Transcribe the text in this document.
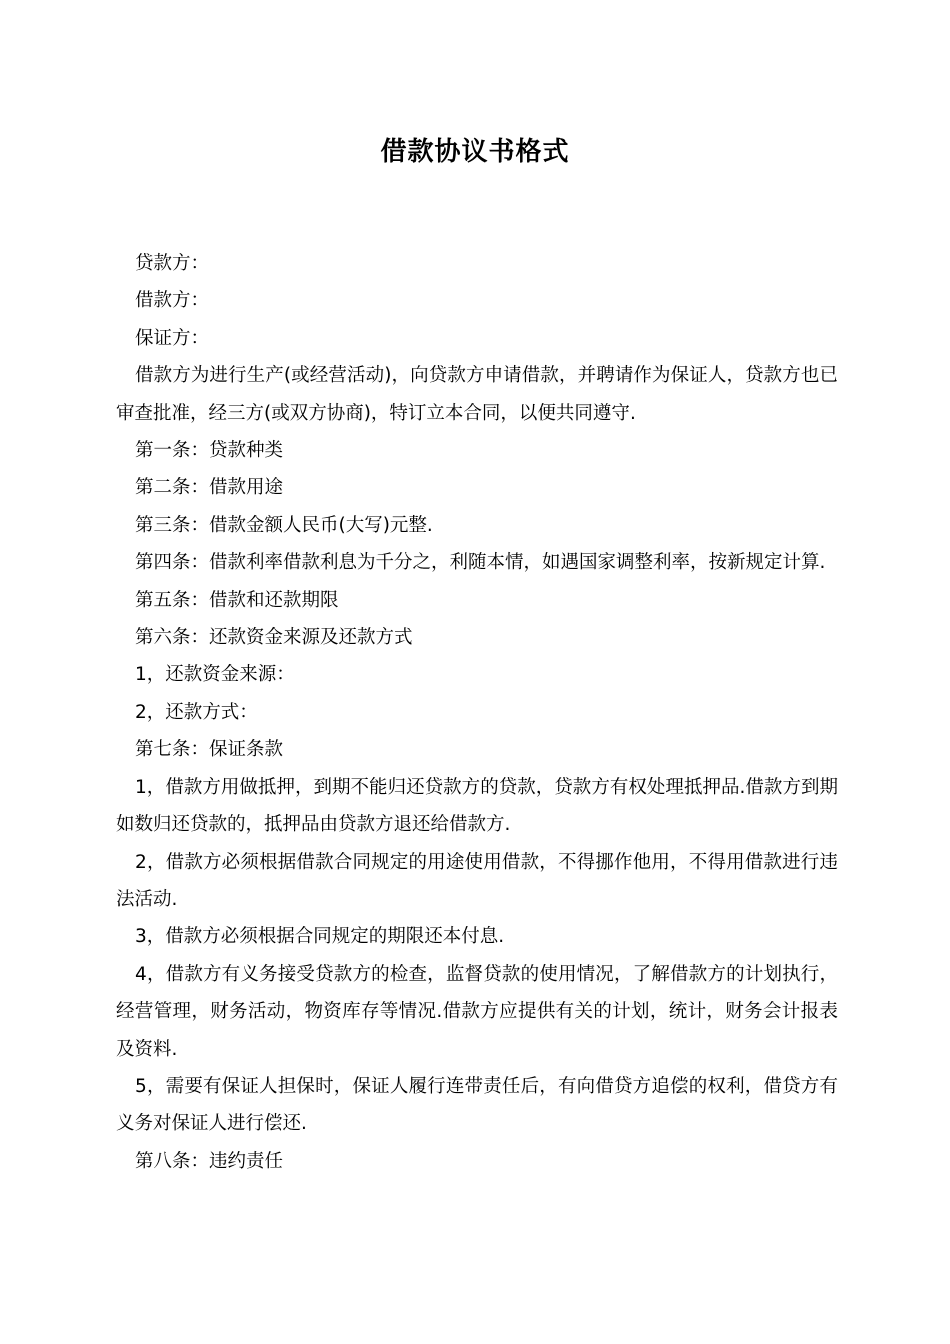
借款协议书格式

贷款方：

借款方：

保证方：

借款方为进行生产(或经营活动)，向贷款方申请借款，并聘请作为保证人，贷款方也已审查批准，经三方(或双方协商)，特订立本合同，以便共同遵守.

第一条：贷款种类

第二条：借款用途

第三条：借款金额人民币(大写)元整.

第四条：借款利率借款利息为千分之，利随本情，如遇国家调整利率，按新规定计算.

第五条：借款和还款期限

第六条：还款资金来源及还款方式

1，还款资金来源：

2，还款方式：

第七条：保证条款

1，借款方用做抵押，到期不能归还贷款方的贷款，贷款方有权处理抵押品.借款方到期如数归还贷款的，抵押品由贷款方退还给借款方.

2，借款方必须根据借款合同规定的用途使用借款，不得挪作他用，不得用借款进行违法活动.

3，借款方必须根据合同规定的期限还本付息.

4，借款方有义务接受贷款方的检查，监督贷款的使用情况，了解借款方的计划执行，经营管理，财务活动，物资库存等情况.借款方应提供有关的计划，统计，财务会计报表及资料.

5，需要有保证人担保时，保证人履行连带责任后，有向借贷方追偿的权利，借贷方有义务对保证人进行偿还.

第八条：违约责任
